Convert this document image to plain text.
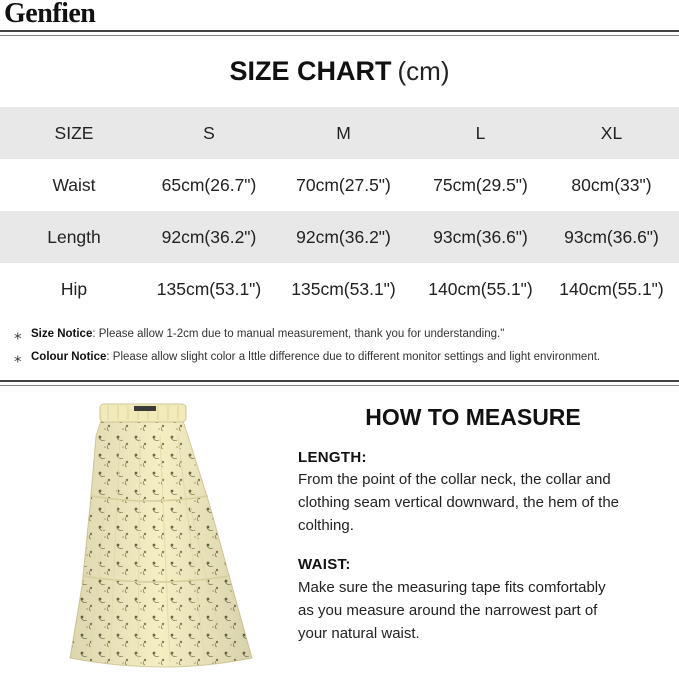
Genfien
SIZE CHART (cm)
SIZE	S	M	L	XL
Waist	65cm(26.7")	70cm(27.5")	75cm(29.5")	80cm(33")
Length	92cm(36.2")	92cm(36.2")	93cm(36.6")	93cm(36.6")
Hip	135cm(53.1")	135cm(53.1")	140cm(55.1")	140cm(55.1")
⁎ Size Notice : Please allow 1-2cm due to manual measurement, thank you for understanding."
⁎ Colour Notice : Please allow slight color a lttle difference due to different monitor settings and light environment.
HOW TO MEASURE
LENGTH:
From the point of the collar neck, the collar and
clothing seam vertical downward, the hem of the
colthing.
WAIST:
Make sure the measuring tape fits comfortably
as you measure around the narrowest part of
your natural waist.
